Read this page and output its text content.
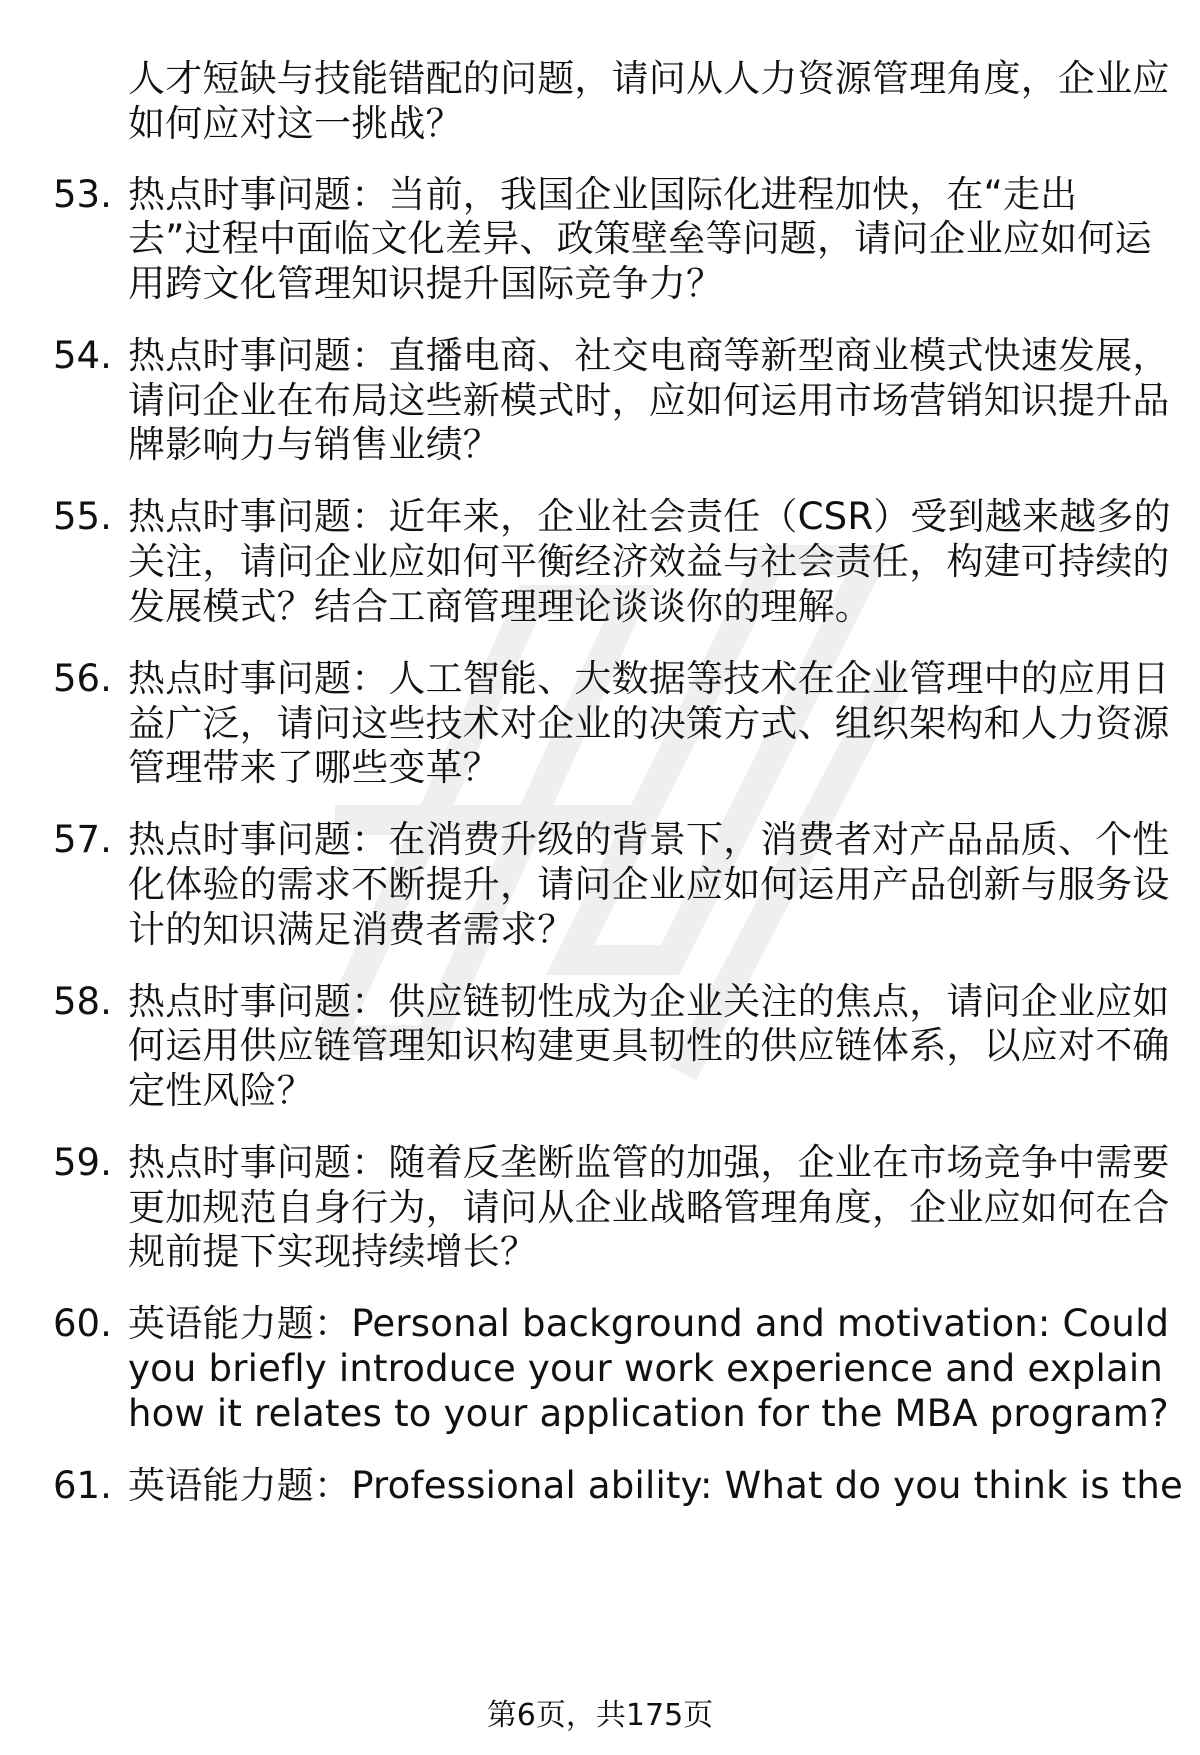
人才短缺与技能错配的问题，请问从人力资源管理角度，企业应
如何应对这一挑战？
53. 热点时事问题：当前，我国企业国际化进程加快，在“走出
去”过程中面临文化差异、政策壁垒等问题，请问企业应如何运
用跨文化管理知识提升国际竞争力？
54. 热点时事问题：直播电商、社交电商等新型商业模式快速发展，
请问企业在布局这些新模式时，应如何运用市场营销知识提升品
牌影响力与销售业绩？
55. 热点时事问题：近年来，企业社会责任（CSR）受到越来越多的
关注，请问企业应如何平衡经济效益与社会责任，构建可持续的
发展模式？结合工商管理理论谈谈你的理解。
56. 热点时事问题：人工智能、大数据等技术在企业管理中的应用日
益广泛，请问这些技术对企业的决策方式、组织架构和人力资源
管理带来了哪些变革？
57. 热点时事问题：在消费升级的背景下，消费者对产品品质、个性
化体验的需求不断提升，请问企业应如何运用产品创新与服务设
计的知识满足消费者需求？
58. 热点时事问题：供应链韧性成为企业关注的焦点，请问企业应如
何运用供应链管理知识构建更具韧性的供应链体系，以应对不确
定性风险？
59. 热点时事问题：随着反垄断监管的加强，企业在市场竞争中需要
更加规范自身行为，请问从企业战略管理角度，企业应如何在合
规前提下实现持续增长？
60. 英语能力题：Personal background and motivation: Could
you briefly introduce your work experience and explain
how it relates to your application for the MBA program?
61. 英语能力题：Professional ability: What do you think is the
第6页，共175页
